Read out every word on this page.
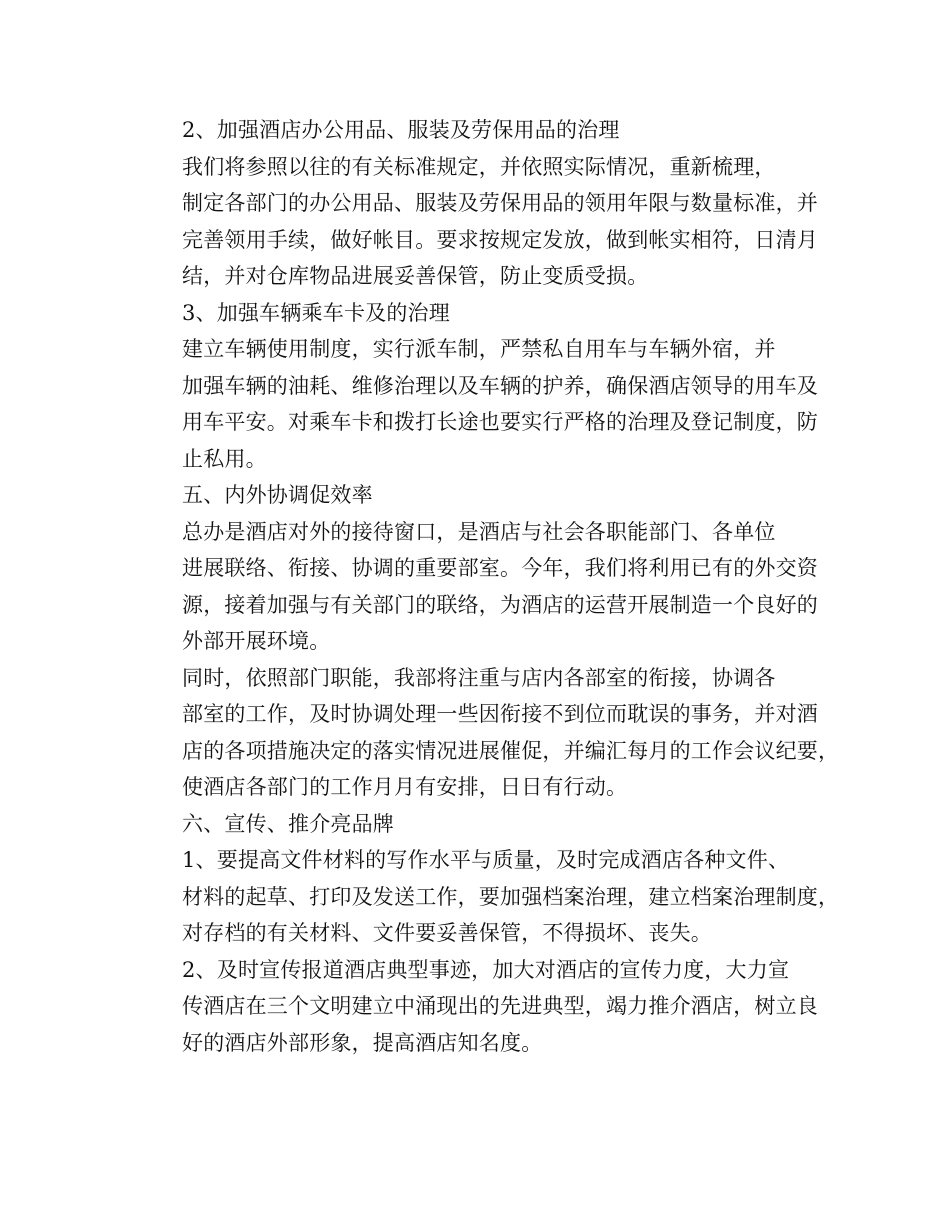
2、加强酒店办公用品、服装及劳保用品的治理

我们将参照以往的有关标准规定，并依照实际情况，重新梳理，
制定各部门的办公用品、服装及劳保用品的领用年限与数量标准，并
完善领用手续，做好帐目。要求按规定发放，做到帐实相符，日清月
结，并对仓库物品进展妥善保管，防止变质受损。

3、加强车辆乘车卡及的治理

建立车辆使用制度，实行派车制，严禁私自用车与车辆外宿，并
加强车辆的油耗、维修治理以及车辆的护养，确保酒店领导的用车及
用车平安。对乘车卡和拨打长途也要实行严格的治理及登记制度，防
止私用。

五、内外协调促效率

总办是酒店对外的接待窗口，是酒店与社会各职能部门、各单位
进展联络、衔接、协调的重要部室。今年，我们将利用已有的外交资
源，接着加强与有关部门的联络，为酒店的运营开展制造一个良好的
外部开展环境。

同时，依照部门职能，我部将注重与店内各部室的衔接，协调各
部室的工作，及时协调处理一些因衔接不到位而耽误的事务，并对酒
店的各项措施决定的落实情况进展催促，并编汇每月的工作会议纪要，
使酒店各部门的工作月月有安排，日日有行动。

六、宣传、推介亮品牌

1、要提高文件材料的写作水平与质量，及时完成酒店各种文件、
材料的起草、打印及发送工作，要加强档案治理，建立档案治理制度，
对存档的有关材料、文件要妥善保管，不得损坏、丧失。

2、及时宣传报道酒店典型事迹，加大对酒店的宣传力度，大力宣
传酒店在三个文明建立中涌现出的先进典型，竭力推介酒店，树立良
好的酒店外部形象，提高酒店知名度。
